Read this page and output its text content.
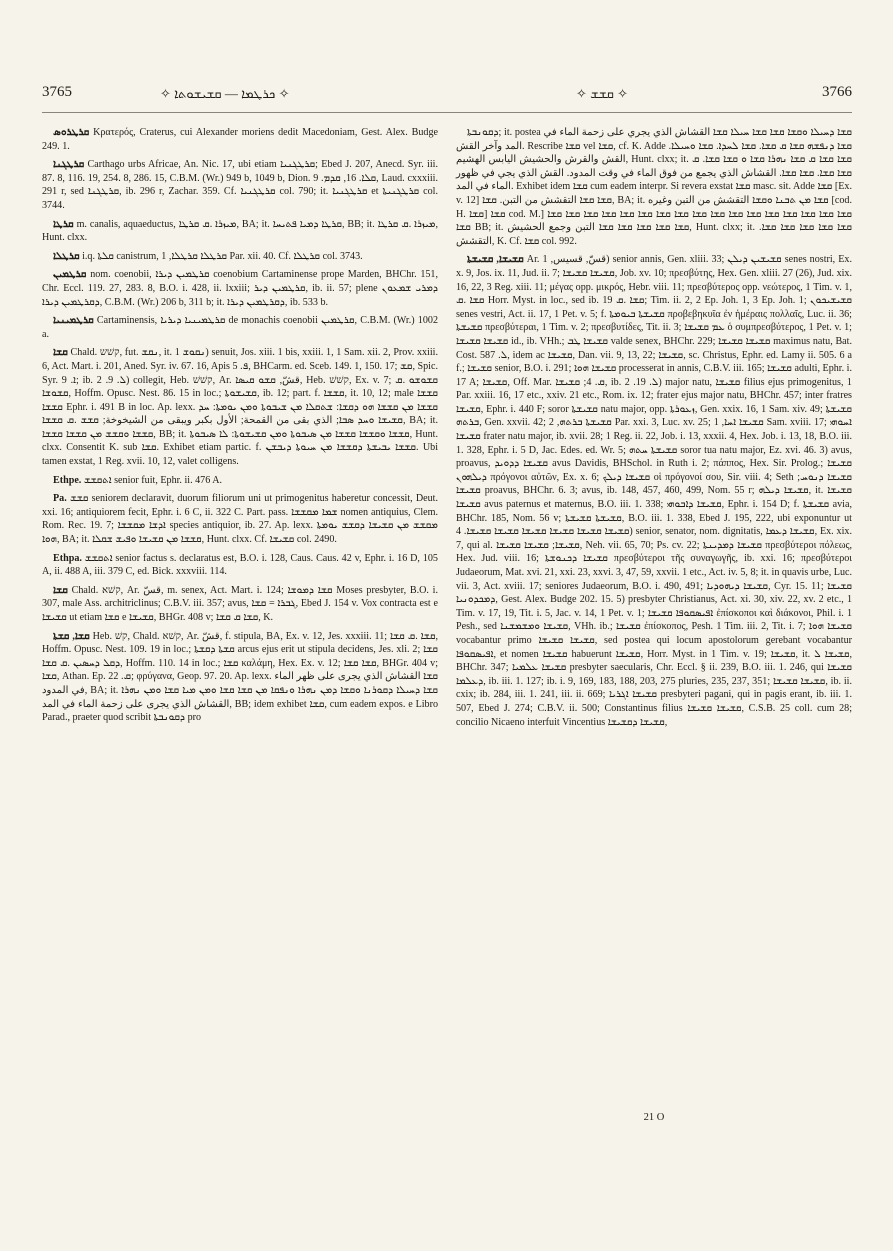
3765	✧ ܟܪܛܡܐ — ܩܫܝܫܘܬܐ ✧	✧ ܩܫܫ ✧	3766

ܩܪܛܪܘܣ Κρατερός, Craterus, cui Alexander moriens dedit Macedoniam, Gest. Alex. Budge 249. 1.

ܩܪܛܓܢܐ Carthago urbs Africae, An. Nic. 17, ubi etiam ܩܪܛܓܢܝܐ; Ebed J. 207, Anecd. Syr. iii. 87. 8, 116. 19, 254. 8, 286. 15, C.B.M. (Wr.) 949 b, 1049 b, Dion. ܩܠܐ. 16, ܩܕܡ. 9, Laud. cxxxiii. 291 r, sed ܩܪܛܓܢܐ, ib. 296 r, Zachar. 359. Cf. ܩܪܛܓܢܝܐ col. 790; it. ܩܪܛܓܢܝܐ et ܩܪܛܓܢܝܬܐ col. 3744.

ܩܪܛܐ m. canalis, aquaeductus, ܡܝܙܪܐ .ܩ ܩܪܛܐ, BA; it. ܩܪܛܐ ܕܡܝܐ ܦܬܝܚܐ, BB; it. ܡܝܙܪܐ .ܩ ܩܪܛܐ, Hunt. clxx.

ܩܪܛܠܐ i.q. ܩܠܬܐ canistrum, ܩܪܛܠܐ ܩܪܛܠܐ, 1 Par. xii. 40. Cf. ܩܪܛܠܐ col. 3743.

ܩܪܛܡܝܢ nom. coenobii, ܩܪܛܡܝܢ ܕܝܪܐ coenobium Cartaminense prope Marden, BHChr. 151, Chr. Eccl. 119. 27, 283. 8, B.O. i. 428, ii. lxxiii; ܩܪܛܡܝܢ ܕܝܪ, ib. ii. 57; plene ܕܡܪܝ ܫܡܥܘܢ ܕܩܪܛܡܝܢ ܕܝܪܐ, C.B.M. (Wr.) 206 b, 311 b; it. ܕܩܪܛܡܝܢ ܕܝܪܐ, ib. 533 b.

ܩܪܛܡܝܢܝܐ Cartaminensis, ܩܪܛܡܝܢܝܐ ܕܝܪܝܐ de monachis coenobii ܩܪܛܡܝܢ, C.B.M. (Wr.) 1002 a.

ܩܫܐ Chald. קשׁש, fut. ܢܩܫ, it. ܢܩܘܫ 1) senuit, Jos. xiii. 1 bis, xxiii. 1, 1 Sam. xii. 2, Prov. xxiii. 6, Act. Mart. i. 201, Aned. Syr. iv. 67. 16, Apis ܦ. 5, BHCarm. ed. Sceb. 149. 1, 150. 17; ܩܫ, Spic. Syr. ܐ. 9; ib. ܠ. 9. 2) collegit, Heb. קשׁשׁ, Ar. قشّ, ܩܫܘ ܩܝܣܐ, Heb. קשׁשׁ, Ex. v. 7; ܩܫܘܫܘ .ܩ ܩܫܘܫܐ, Hoffm. Opusc. Nest. 86. 15 in loc.; ܩܫܝܫܘܬܐ, ib. 12; part. f. ܩܫܫܐ, it. 10, 12; male ܩܫܫܐ ܩܫܫܐ Ephr. i. 491 B in loc. Ap. lexx. ܩܫܫܐ ܡܢ ܩܫܫܐ ܗܘ ܕܩܫܐ: ܫܬܩܠܐ ܡܢ ܫܝܒܘܬܐ ܘܡܢ ܝܘܡܬܐ: ܚܕ ܩܫܝܫܐ ܘܚܕ ܣܒܐ; الذي بقى من القمحة; الأول بكبر ويبقى من الشيخوخة; ܩܫܫ .ܩ ܩܫܫܐ, BA; it. ܩܫܫܐ ܘܩܫܫ ܡܢ ܩܫܫܐ ܩܫܫܐ, BB; it. ܩܫܫܐ ܘܩܫܫܐ ܩܫܫܐ ܡܢ ܣܝܒܘܬܐ ܘܡܢ ܩܫܝܫܘܬܐ: ܠܐ ܣܝܒܘܬܐ, Hunt. clxx. Consentit K. sub ܩܫܐ. Exhibet etiam partic. f. ܩܫܫܐ ܝܒܝܫܬܐ ܕܩܫܫܐ ܡܢ ܚܝܘܬܐ ܕܝܒܫܢ. Ubi tamen exstat, 1 Reg. xvii. 10, 12, valet colligens.

Ethpe. ܐܬܩܫܫ senior fuit, Ephr. ii. 476 A.

Pa. ܩܫܫ seniorem declaravit, duorum filiorum uni ut primogenitus haberetur concessit, Deut. xxi. 16; antiquiorem fecit, Ephr. i. 6 C, ii. 322 C. Part. pass. ܫܡܐ ܡܩܫܫܐ nomen antiquius, Clem. Rom. Rec. 19. 7; ܐܕܫܐ ܡܩܫܫܐ species antiquior, ib. 27. Ap. lexx. ܡܩܫܫ ܡܢ ܩܫܝܫܐ ܕܩܫܫ ܝܘܡܬܐ ܗܘܐ, BA; it. ܩܫܫܐ ܡܢ ܩܫܝܫܐ ܘܦܝܫ ܫܩܠܐ, Hunt. clxx. Cf. ܩܫܝܫܐ col. 2490.

Ethpa. ܐܬܩܫܫ senior factus s. declaratus est, B.O. i. 128, Caus. Caus. 42 v, Ephr. i. 16 D, 105 A, ii. 488 A, iii. 379 C, ed. Bick. xxxviii. 114.

ܩܫܐ Chald. קשׁא, Ar. قسّ, m. senex, Act. Mart. i. 124; ܩܫܐ ܕܡܘܫܐ Moses presbyter, B.O. i. 307, male Ass. architriclinus; C.B.V. iii. 357; avus, ܓܒܪܐ = ܩܫܐ, Ebed J. 154 v. Vox contracta est e ܩܫܝܫܐ ut etiam ܩܫܐ e ܩܫܝܫܐ, BHGr. 408 v; ܩܫܐ ܩ ܩܫܐ, K.

ܩܫܐ, ܩܫܬܐ Heb. קשׁ, Chald. קשׁא, Ar. قشّ, f. stipula, BA, Ex. v. 12, Jes. xxxiii. 11; ܩܫܐ .ܩ ܩܫܐ, Hoffm. Opusc. Nest. 109. 19 in loc.; ܩܫܬܐ ܕܩܫܬܐ arcus ejus erit ut stipula decidens, Jes. xli. 2; ܩܫܐ ܕܩܠ ܕܚܣܝܢ .ܩ ܩܫܐ, Hoffm. 110. 14 in loc.; ܩܫܐ καλάμη, Hex. Ex. v. 12; ܩܫܐ ܩܫܐ, BHGr. 404 v; ܩܫܐ, Athan. Ep. ܩ. 22; φρύγανα, Geop. 97. 20. Ap. lexx. ܩܫܐ القشاش الذي يجرى على ظهر الماء في المدود, BA; it. ܩܫܐ ܕܚܝܠܐ ܕܩܘܪܢܐ ܘܩܫܐ ܕܡܢ ܢܗܪܐ ܘܢܦܩܐ ܡܢ ܩܫܐ ܩܫܐ ܘܡܢ ܡܝܐ ܩܫܐ ܘܡܢ ܢܗܪܐ القشاش الذي يجرى على زحمة الماء في المد, BB; idem exhibet ܩܫܐ, cum eadem expos. e Libro Parad., praeter quod scribit ܕܩܘܢܒܬܐ pro

ܕܩܘܢܒܬܐ; it. postea ܩܫܐ ܕܚܝܠܐ ܘܩܫܐ ܩܫܐ ܩܫܐ ܚܝܠܐ ܩܫܐ القشاش الذي يجري على زحمة الماء في المد وآخر القش. Rescribe ܩܫܐ vel ܩܫܐ, cf. K. Adde ܩܫܐ ܕܢܦܫܗ ܩܫܐ ܩ ܩܫܐ. ܩܫܐ ܠܚܕܐ. ܩܫܐ ܘܚܝܠܐ. القش والقرش والحشيش اليابس الهشيم, Hunt. clxx; it. ܩܫܐ ܩܫܐ ܩ ܩܫܐ ܢܗܪܐ ܩܫܐ ܘ ܩܫܐ ܩܫܐ. ܩ ܩܫܐ ܩܫܐ. ܩܫܐ ܩܫܐ. القشاش الذي يجمع من فوق الماء في وقت المدود. القش الذي يجي في ظهور الماء في المد. Exhibet idem ܩܫܐ cum eadem interpr. Si revera exstat ܩܫܐ masc. sit. Adde ܩܫܐ [Ex. v. 12] ܩܫܐ ܩܫܐ التقشش من التبن. ܩܫܐ, BA; it. ܩܫܐ ܡܢ ܬܒܢܐ ܘܩܫܐ التقشش من التبن وغيره [cod. H. ܩܫܐ] ܩܫܐ cod. M.] ܩܫܐ ܩܫܐ ܩܫܐ ܩܫܐ ܩܫܐ ܩܫܐ ܩܫܐ ܩܫܐ ܩܫܐ ܩܫܐ ܩܫܐ ܩܫܐ ܩܫܐ ܩܫܐ ܩܫܐ ܩܫܐ ܩܫܐ ܩܫܐ BB; it. ܩܫܐ ܩܫܐ ܩܫܐ ܩܫܐ ܩܫܐ التبن وجمع الحشيش, Hunt. clxx; it. ܩܫܐ ܩܫܐ ܩܫܐ ܩܫܐ ܩܫܐ. التقشش, K. Cf. ܩܫܐ col. 992.

ܩܫܝܫܐ, ܩܫܝܫܬܐ Ar. قسّ, قسيس, 1) senior annis, Gen. xliii. 33; ܩܫܝܫܝܢ ܕܝܠܢ senes nostri, Ex. x. 9, Jos. ix. 11, Jud. ii. 7; ܩܫܝܫܐ ܩܫܝܫܐ, Job. xv. 10; πρεσβύτης, Hex. Gen. xliii. 27 (26), Jud. xix. 16, 22, 3 Reg. xiii. 11; μέγας opp. μικρός, Hebr. viii. 11; πρεσβύτερος opp. νεώτερος, 1 Tim. v. 1, ܩܫܐ .ܩ Horr. Myst. in loc., sed ib. 19 ܩܫܐ .ܩ; Tim. ii. 2, 2 Ep. Joh. 1, 3 Ep. Joh. 1; ܩܫܝܫܝܟܘܢ senes vestri, Act. ii. 17, 1 Pet. v. 5; f. ܩܫܝܫܬܐ ܒܝܘܡܬܐ προβεβηκυῖα ἐν ἡμέραις πολλαῖς, Luc. ii. 36; ܩܫܝܫܬܐ πρεσβύτεραι, 1 Tim. v. 2; πρεσβυτίδες, Tit. ii. 3; ܥܡ ܩܫܝܫܐ ὁ συμπρεσβύτερος, 1 Pet. v. 1; ܩܫܝܫܐ ܩܫܝܫܐ id., ib. VHh.; ܩܫܝܫܐ ܛܒ valde senex, BHChr. 229; ܩܫܝܫܐ ܩܫܝܫܐ maximus natu, Bat. Cost. ܠ. 587, idem ac ܩܫܝܫܐ, Dan. vii. 9, 13, 22; ܩܫܝܫܐ, sc. Christus, Ephr. ed. Lamy ii. 505. 6 a f.; ܩܫܝܫܐ senior, B.O. i. 291; ܩܫܝܫܐ ܗܘܐ processerat in annis, C.B.V. iii. 165; ܩܫܝܫܐ adulti, Ephr. i. 17 A; ܩܫܝܫܐ, Off. Mar. ܩ. 4; ܩܫܝܫܐ, ib. ܠ. 19. 2) major natu, ܩܫܝܫܐ filius ejus primogenitus, 1 Par. xxiii. 16, 17 etc., xxiv. 21 etc., Rom. ix. 12; frater ejus major natu, BHChr. 457; inter fratres ܩܫܝܫܐ, Ephr. i. 440 F; soror ܩܫܝܫܬܐ natu major, opp. ܙܥܘܪܬܐ, Gen. xxix. 16, 1 Sam. xiv. 49; ܩܫܝܫܬܐ ܒܪܬܗ, Gen. xxvii. 42; ܩܫܝܫܬܐ ܒܪܬܗ, 2 Par. xxi. 3, Luc. xv. 25; ܩܫܝܫܐ ܐܚܐ, 1 Sam. xviii. 17; ܐܚܘܗܝ ܩܫܝܫܐ frater natu major, ib. xvii. 28; 1 Reg. ii. 22, Job. i. 13, xxxii. 4, Hex. Job. i. 13, 18, B.O. iii. 1. 328, Ephr. i. 5 D, Jac. Edes. ed. Wr. 5; ܩܫܝܫܬܐ ܚܬܗ soror tua natu major, Ez. xvi. 46. 3) avus, proavus, ܩܫܝܫܐ ܕܕܘܝܕ avus Davidis, BHSchol. in Ruth i. 2; πάππος, Hex. Sir. Prolog.; ܩܫܝܫܐ ܕܝܠܗܘܢ πρόγονοι αὐτῶν, Ex. x. 6; ܩܫܝܫܐ ܕܝܠܟ οἱ πρόγονοί σου, Sir. viii. 4; Seth ܩܫܝܫܐ ܕܢܘܚ; ܩܫܝܫܐ proavus, BHChr. 6. 3; avus, ib. 148, 457, 460, 499, Nom. 55 r; ܩܫܝܫܐ ܕܝܠܗ, it. ܩܫܝܫܐ ܩܫܝܫܐ avus paternus et maternus, B.O. iii. 1. 338; ܩܫܝܫܐ ܕܐܒܘܗܝ, Ephr. i. 154 D; f. ܩܫܝܫܬܐ avia, BHChr. 185, Nom. 56 v; ܩܫܝܫܬܐ ܩܫܝܫܬܐ, B.O. iii. 1. 338, Ebed J. 195, 222, ubi exponuntur ut ܩܫܝܫܐ ܩܫܝܫܐ ܩܫܝܫܐ ܩܫܝܫܐ ܩܫܝܫܐ ܩܫܝܫܐ. 4) senior, senator, nom. dignitatis, ܩܫܝܫܐ ܕܥܡܐ, Ex. xix. 7, qui al. ܩܫܝܫܐ; ܩܫܝܫܐ ܩܫܝܫܐ, Neh. vii. 65, 70; Ps. cv. 22; ܩܫܝܫܐ ܕܡܕܝܢܬܐ πρεσβύτεροι πόλεως, Hex. Jud. viii. 16; ܩܫܝܫܐ ܕܟܢܘܫܬܐ πρεσβύτεροι τῆς συναγωγῆς, ib. xxi. 16; πρεσβύτεροι Judaeorum, Mat. xvi. 21, xxi. 23, xxvi. 3, 47, 59, xxvii. 1 etc., Act. iv. 5, 8; it. in quavis urbe, Luc. vii. 3, Act. xviii. 17; seniores Judaeorum, B.O. i. 490, 491; ܩܫܝܫܐ ܕܝܗܘܕܝܐ, Cyr. 15. 11; ܩܫܝܫܐ ܕܡܟܕܘܢܝܐ, Gest. Alex. Budge 202. 15. 5) presbyter Christianus, Act. xi. 30, xiv. 22, xv. 2 etc., 1 Tim. v. 17, 19, Tit. i. 5, Jac. v. 14, 1 Pet. v. 1; ܐܦܝܣܩܘܦܐ ܩܫܝܫܐ ἐπίσκοποι καὶ διάκονοι, Phil. i. 1 Pesh., sed ܩܫܝܫܐ ܘܡܫܡܫܢܐ, VHh. ib.; ܩܫܝܫܐ ἐπίσκοπος, Pesh. 1 Tim. iii. 2, Tit. i. 7; ܩܫܝܫܐ ܗܘܐ vocabantur primo ܩܫܝܫܐ ܩܫܝܫܐ, sed postea qui locum apostolorum gerebant vocabantur ܐܦܝܣܩܘܦܐ, et nomen ܩܫܝܫܐ habuerunt ܩܫܝܫܐ, Horr. Myst. in 1 Tim. v. 19; ܩܫܝܫܐ, it. ܩܫܝܫܐ ܠ, BHChr. 347; ܩܫܝܫܐ ܥܠܡܝܐ presbyter saecularis, Chr. Eccl. § ii. 239, B.O. iii. 1. 246, qui ܩܫܝܫܐ ܕܥܠܡܐ, ib. iii. 1. 127; ib. i. 9, 169, 183, 188, 203, 275 pluries, 235, 237, 351; ܩܫܝܫܐ ܩܫܝܫܐ, ib. ii. cxix; ib. 284, iii. 1. 241, iii. ii. 669; ܩܫܝܫܐ ܐܓܪܝܐ presbyteri pagani, qui in pagis erant, ib. iii. 1. 507, Ebed J. 274; C.B.V. ii. 500; Constantinus filius ܩܫܝܫܐ ܩܫܝܫܐ, C.S.B. 25 coll. cum 28; concilio Nicaeno interfuit Vincentius ܩܫܝܫܐ ܕܩܫܝܫܐ,

21 O
